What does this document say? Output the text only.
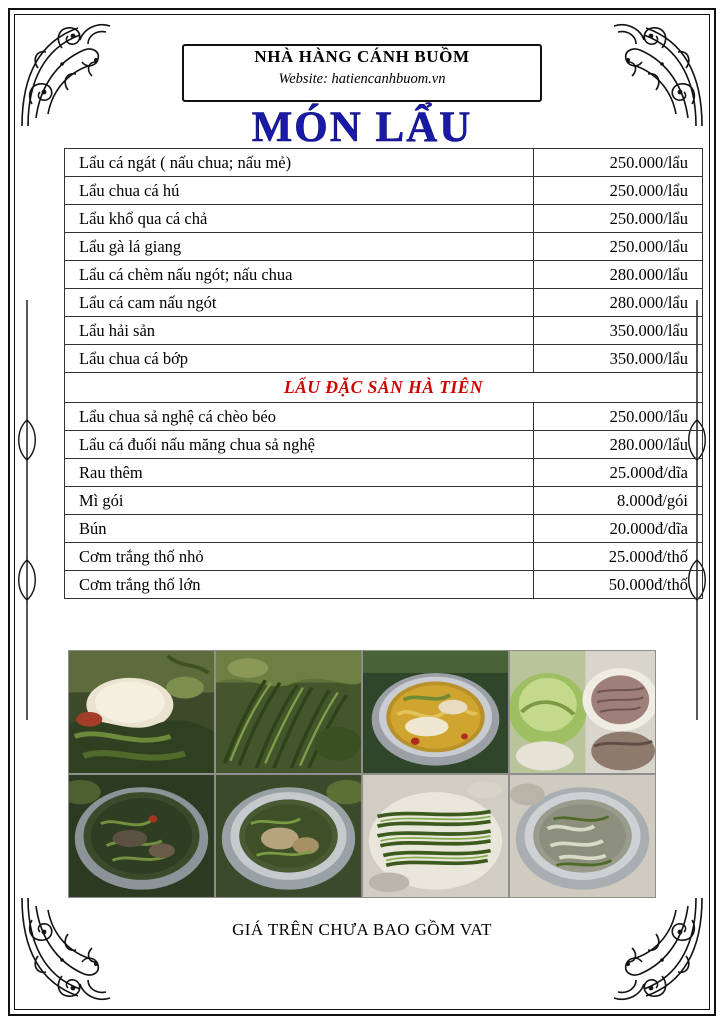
NHÀ HÀNG CÁNH BUỒM
Website: hatiencanhbuom.vn
MÓN LẨU
Lẩu cá ngát ( nấu chua; nấu mẻ)	250.000/lẩu
Lẩu chua cá hú	250.000/lẩu
Lẩu khổ qua cá chả	250.000/lẩu
Lẩu gà lá giang	250.000/lẩu
Lẩu cá chèm nấu ngót; nấu chua	280.000/lẩu
Lẩu cá cam nấu ngót	280.000/lẩu
Lẩu hải sản	350.000/lẩu
Lẩu chua cá bớp	350.000/lẩu
LẨU ĐẶC SẢN HÀ TIÊN	
Lẩu chua sả nghệ cá chèo béo	250.000/lẩu
Lẩu cá đuối nấu măng chua sả nghệ	280.000/lẩu
Rau thêm	25.000đ/dĩa
Mì gói	8.000đ/gói
Bún	20.000đ/dĩa
Cơm trắng thố nhỏ	25.000đ/thố
Cơm trắng thố lớn	50.000đ/thố
GIÁ TRÊN CHƯA BAO GỒM VAT
